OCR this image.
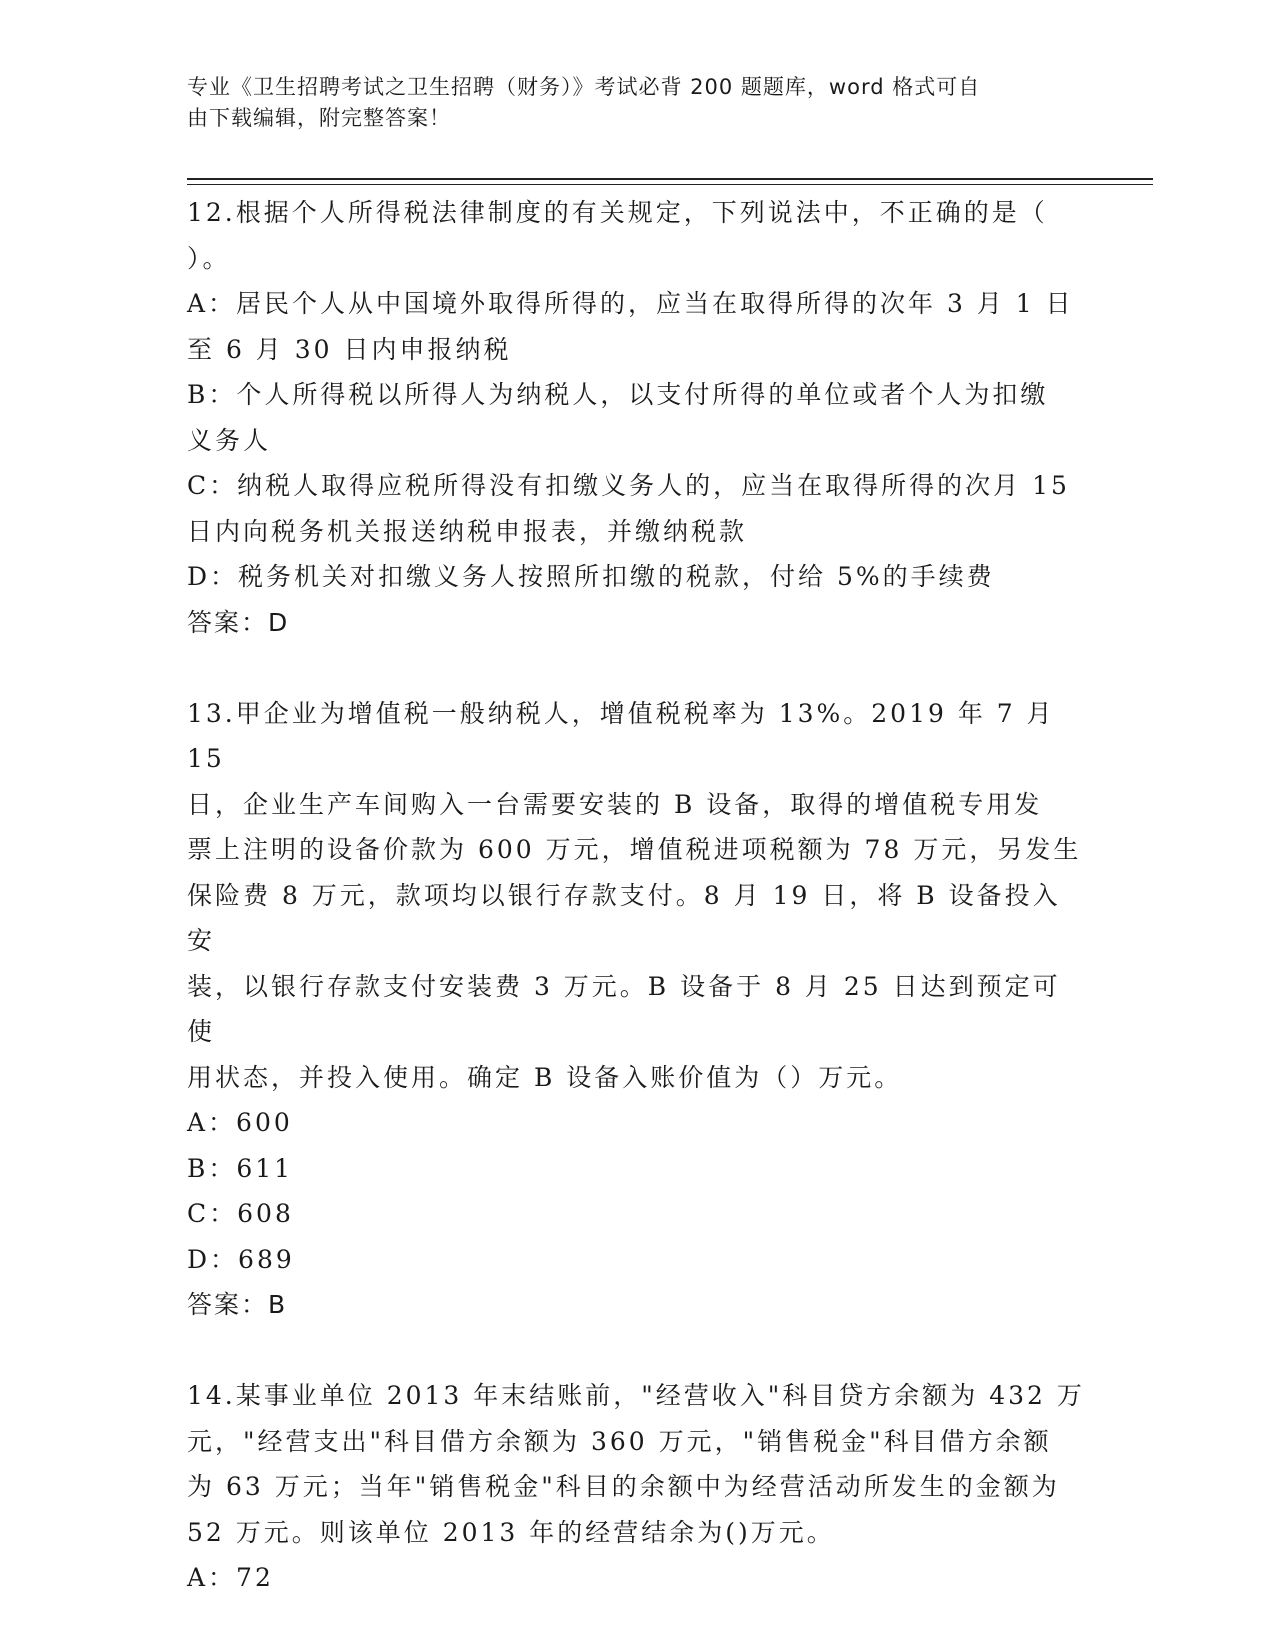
专业《卫生招聘考试之卫生招聘（财务）》考试必背 200 题题库，word 格式可自
由下载编辑，附完整答案！

12.根据个人所得税法律制度的有关规定，下列说法中，不正确的是（

）。

A：居民个人从中国境外取得所得的，应当在取得所得的次年 3 月 1 日

至 6 月 30 日内申报纳税

B：个人所得税以所得人为纳税人，以支付所得的单位或者个人为扣缴

义务人

C：纳税人取得应税所得没有扣缴义务人的，应当在取得所得的次月 15

日内向税务机关报送纳税申报表，并缴纳税款

D：税务机关对扣缴义务人按照所扣缴的税款，付给 5%的手续费

答案：D

13.甲企业为增值税一般纳税人，增值税税率为 13%。2019 年 7 月 15

日，企业生产车间购入一台需要安装的 B 设备，取得的增值税专用发

票上注明的设备价款为 600 万元，增值税进项税额为 78 万元，另发生

保险费 8 万元，款项均以银行存款支付。8 月 19 日，将 B 设备投入安

装，以银行存款支付安装费 3 万元。B 设备于 8 月 25 日达到预定可使

用状态，并投入使用。确定 B 设备入账价值为（）万元。

A：600

B：611

C：608

D：689

答案：B

14.某事业单位 2013 年末结账前，"经营收入"科目贷方余额为 432 万

元，"经营支出"科目借方余额为 360 万元，"销售税金"科目借方余额

为 63 万元；当年"销售税金"科目的余额中为经营活动所发生的金额为

52 万元。则该单位 2013 年的经营结余为()万元。

A：72
